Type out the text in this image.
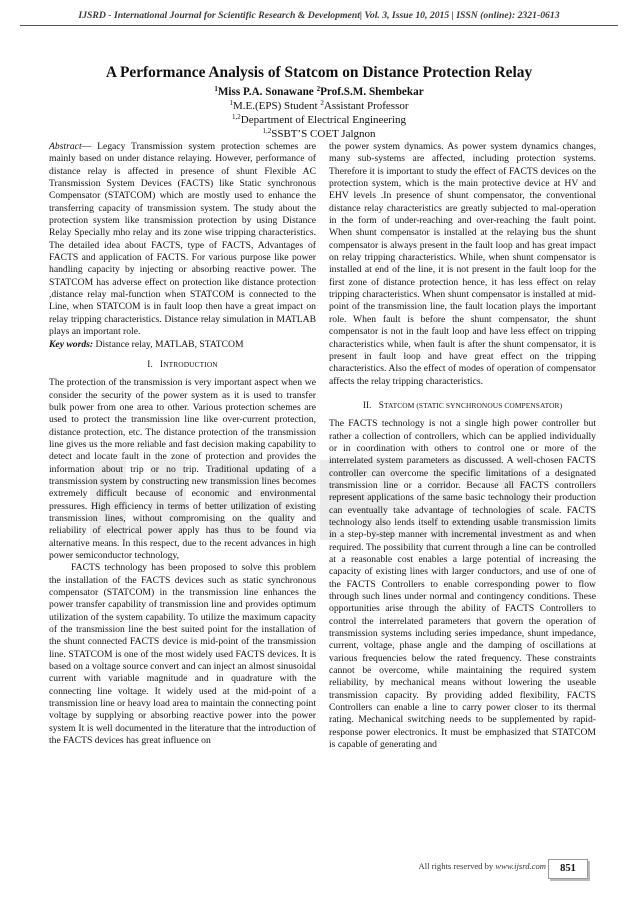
IJSRD - International Journal for Scientific Research & Development| Vol. 3, Issue 10, 2015 | ISSN (online): 2321-0613
A Performance Analysis of Statcom on Distance Protection Relay
$^1$Miss P.A. Sonawane $^2$Prof.S.M. Shembekar
$^1$M.E.(EPS) Student $^2$Assistant Professor
$^{1,2}$Department of Electrical Engineering
$^{1,2}$SSBT’S COET Jalgnon

Abstract— Legacy Transmission system protection schemes are mainly based on under distance relaying. However, performance of distance relay is affected in presence of shunt Flexible AC Transmission System Devices (FACTS) like Static synchronous Compensator (STATCOM) which are mostly used to enhance the transferring capacity of transmission system. The study about the protection system like transmission protection by using Distance Relay Specially mho relay and its zone wise tripping characteristics. The detailed idea about FACTS, type of FACTS, Advantages of FACTS and application of FACTS. For various purpose like power handling capacity by injecting or absorbing reactive power. The STATCOM has adverse effect on protection like distance protection ,distance relay mal-function when STATCOM is connected to the Line, when STATCOM is in fault loop then have a great impact on relay tripping characteristics. Distance relay simulation in MATLAB plays an important role.

Key words: Distance relay, MATLAB, STATCOM

I. INTRODUCTION

The protection of the transmission is very important aspect when we consider the security of the power system as it is used to transfer bulk power from one area to other. Various protection schemes are used to protect the transmission line like over-current protection, distance protection, etc. The distance protection of the transmission line gives us the more reliable and fast decision making capability to detect and locate fault in the zone of protection and provides the information about trip or no trip. Traditional updating of a transmission system by constructing new transmission lines becomes extremely difficult because of economic and environmental pressures. High efficiency in terms of better utilization of existing transmission lines, without compromising on the quality and reliability of electrical power apply has thus to be found via alternative means. In this respect, due to the recent advances in high power semiconductor technology,

FACTS technology has been proposed to solve this problem the installation of the FACTS devices such as static synchronous compensator (STATCOM) in the transmission line enhances the power transfer capability of transmission line and provides optimum utilization of the system capability. To utilize the maximum capacity of the transmission line the best suited point for the installation of the shunt connected FACTS device is mid-point of the transmission line. STATCOM is one of the most widely used FACTS devices. It is based on a voltage source convert and can inject an almost sinusoidal current with variable magnitude and in quadrature with the connecting line voltage. It widely used at the mid-point of a transmission line or heavy load area to maintain the connecting point voltage by supplying or absorbing reactive power into the power system It is well documented in the literature that the introduction of the FACTS devices has great influence on

the power system dynamics. As power system dynamics changes, many sub-systems are affected, including protection systems. Therefore it is important to study the effect of FACTS devices on the protection system, which is the main protective device at HV and EHV levels .In presence of shunt compensator, the conventional distance relay characteristics are greatly subjected to mal-operation in the form of under-reaching and over-reaching the fault point. When shunt compensator is installed at the relaying bus the shunt compensator is always present in the fault loop and has great impact on relay tripping characteristics. While, when shunt compensator is installed at end of the line, it is not present in the fault loop for the first zone of distance protection hence, it has less effect on relay tripping characteristics. When shunt compensator is installed at mid-point of the transmission line, the fault location plays the important role. When fault is before the shunt compensator, the shunt compensator is not in the fault loop and have less effect on tripping characteristics while, when fault is after the shunt compensator, it is present in fault loop and have great effect on the tripping characteristics. Also the effect of modes of operation of compensator affects the relay tripping characteristics.

II. STATCOM (STATIC SYNCHRONOUS COMPENSATOR)

The FACTS technology is not a single high power controller but rather a collection of controllers, which can be applied individually or in coordination with others to control one or more of the interrelated system parameters as discussed. A well-chosen FACTS controller can overcome the specific limitations of a designated transmission line or a corridor. Because all FACTS controllers represent applications of the same basic technology their production can eventually take advantage of technologies of scale. FACTS technology also lends itself to extending usable transmission limits in a step-by-step manner with incremental investment as and when required. The possibility that current through a line can be controlled at a reasonable cost enables a large potential of increasing the capacity of existing lines with larger conductors, and use of one of the FACTS Controllers to enable corresponding power to flow through such lines under normal and contingency conditions. These opportunities arise through the ability of FACTS Controllers to control the interrelated parameters that govern the operation of transmission systems including series impedance, shunt impedance, current, voltage, phase angle and the damping of oscillations at various frequencies below the rated frequency. These constraints cannot be overcome, while maintaining the required system reliability, by mechanical means without lowering the useable transmission capacity. By providing added flexibility, FACTS Controllers can enable a line to carry power closer to its thermal rating. Mechanical switching needs to be supplemented by rapid-response power electronics. It must be emphasized that STATCOM is capable of generating and

All rights reserved by www.ijsrd.com	851
